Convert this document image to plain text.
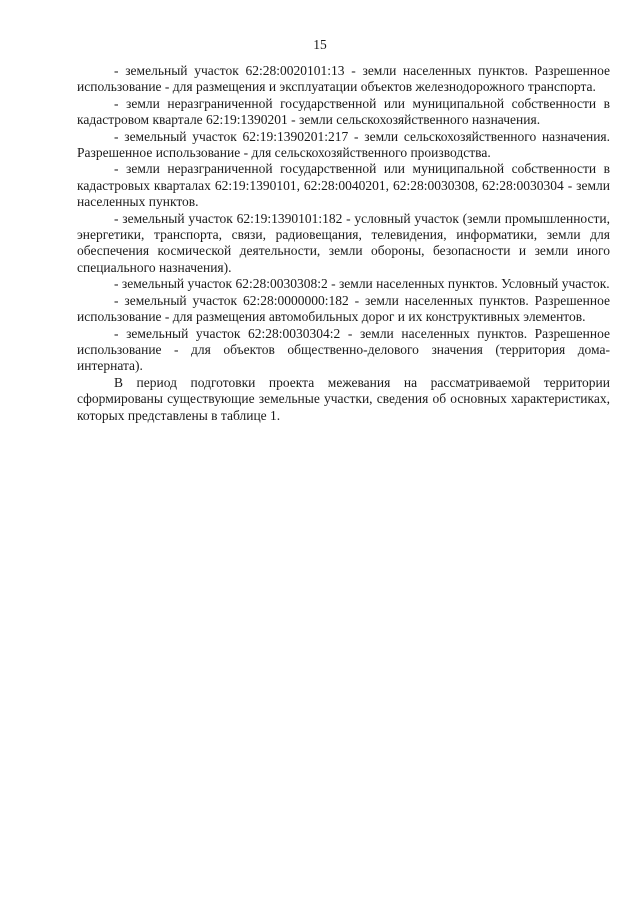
15

- земельный участок 62:28:0020101:13 - земли населенных пунктов. Разрешенное использование - для размещения и эксплуатации объектов железнодорожного транспорта.

- земли неразграниченной государственной или муниципальной собственности в кадастровом квартале 62:19:1390201 - земли сельскохозяйственного назначения.

- земельный участок 62:19:1390201:217 - земли сельскохозяйственного назначения. Разрешенное использование - для сельскохозяйственного производства.

- земли неразграниченной государственной или муниципальной собственности в кадастровых кварталах 62:19:1390101, 62:28:0040201, 62:28:0030308, 62:28:0030304 - земли населенных пунктов.

- земельный участок 62:19:1390101:182 - условный участок (земли промышленности, энергетики, транспорта, связи, радиовещания, телевидения, информатики, земли для обеспечения космической деятельности, земли обороны, безопасности и земли иного специального назначения).

- земельный участок 62:28:0030308:2 - земли населенных пунктов. Условный участок.

- земельный участок 62:28:0000000:182 - земли населенных пунктов. Разрешенное использование - для размещения автомобильных дорог и их конструктивных элементов.

- земельный участок 62:28:0030304:2 - земли населенных пунктов. Разрешенное использование - для объектов общественно-делового значения (территория дома-интерната).

В период подготовки проекта межевания на рассматриваемой территории сформированы существующие земельные участки, сведения об основных характеристиках, которых представлены в таблице 1.
